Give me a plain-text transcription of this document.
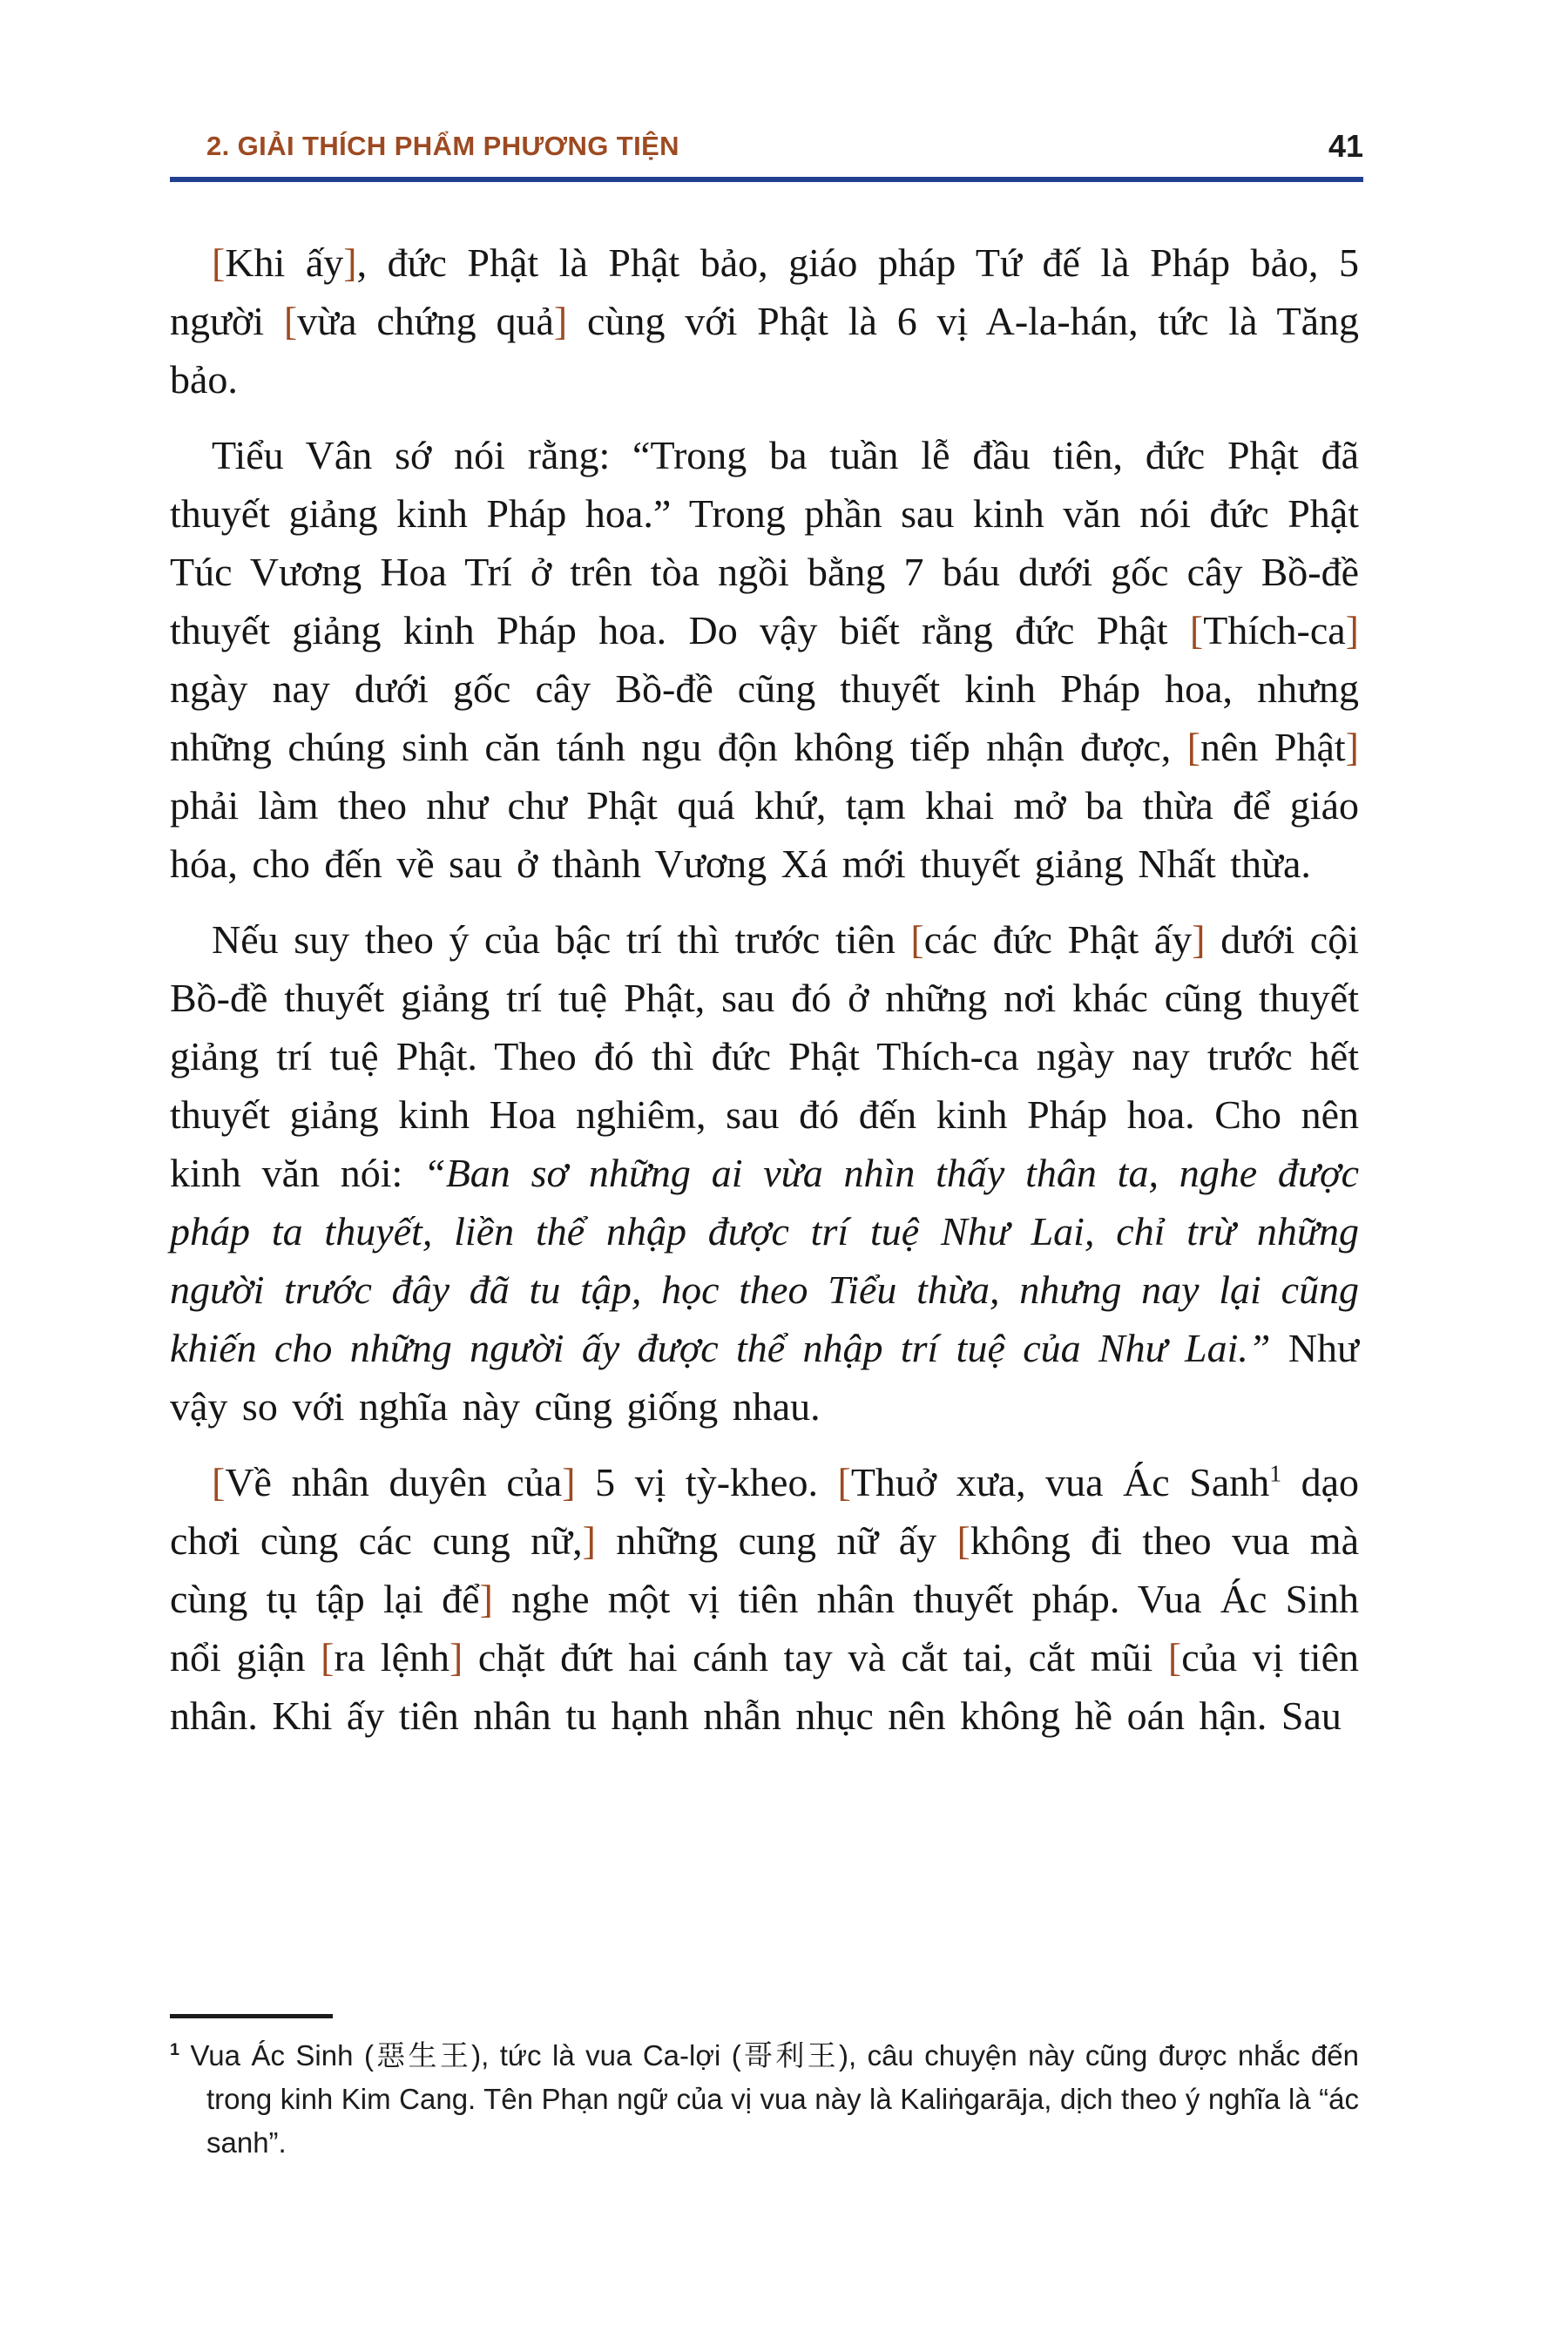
2. GIẢI THÍCH PHẨM PHƯƠNG TIỆN	41

[Khi ấy], đức Phật là Phật bảo, giáo pháp Tứ đế là Pháp bảo, 5 người [vừa chứng quả] cùng với Phật là 6 vị A-la-hán, tức là Tăng bảo.

Tiểu Vân sớ nói rằng: “Trong ba tuần lễ đầu tiên, đức Phật đã thuyết giảng kinh Pháp hoa.” Trong phần sau kinh văn nói đức Phật Túc Vương Hoa Trí ở trên tòa ngồi bằng 7 báu dưới gốc cây Bồ-đề thuyết giảng kinh Pháp hoa. Do vậy biết rằng đức Phật [Thích-ca] ngày nay dưới gốc cây Bồ-đề cũng thuyết kinh Pháp hoa, nhưng những chúng sinh căn tánh ngu độn không tiếp nhận được, [nên Phật] phải làm theo như chư Phật quá khứ, tạm khai mở ba thừa để giáo hóa, cho đến về sau ở thành Vương Xá mới thuyết giảng Nhất thừa.

Nếu suy theo ý của bậc trí thì trước tiên [các đức Phật ấy] dưới cội Bồ-đề thuyết giảng trí tuệ Phật, sau đó ở những nơi khác cũng thuyết giảng trí tuệ Phật. Theo đó thì đức Phật Thích-ca ngày nay trước hết thuyết giảng kinh Hoa nghiêm, sau đó đến kinh Pháp hoa. Cho nên kinh văn nói: “Ban sơ những ai vừa nhìn thấy thân ta, nghe được pháp ta thuyết, liền thể nhập được trí tuệ Như Lai, chỉ trừ những người trước đây đã tu tập, học theo Tiểu thừa, nhưng nay lại cũng khiến cho những người ấy được thể nhập trí tuệ của Như Lai.” Như vậy so với nghĩa này cũng giống nhau.

[Về nhân duyên của] 5 vị tỳ-kheo. [Thuở xưa, vua Ác Sanh$^1$ dạo chơi cùng các cung nữ,] những cung nữ ấy [không đi theo vua mà cùng tụ tập lại để] nghe một vị tiên nhân thuyết pháp. Vua Ác Sinh nổi giận [ra lệnh] chặt đứt hai cánh tay và cắt tai, cắt mũi [của vị tiên nhân. Khi ấy tiên nhân tu hạnh nhẫn nhục nên không hề oán hận. Sau

$^1$ Vua Ác Sinh (惡生王), tức là vua Ca-lợi (哥利王), câu chuyện này cũng được nhắc đến trong kinh Kim Cang. Tên Phạn ngữ của vị vua này là Kaliṅgarāja, dịch theo ý nghĩa là “ác sanh”.
